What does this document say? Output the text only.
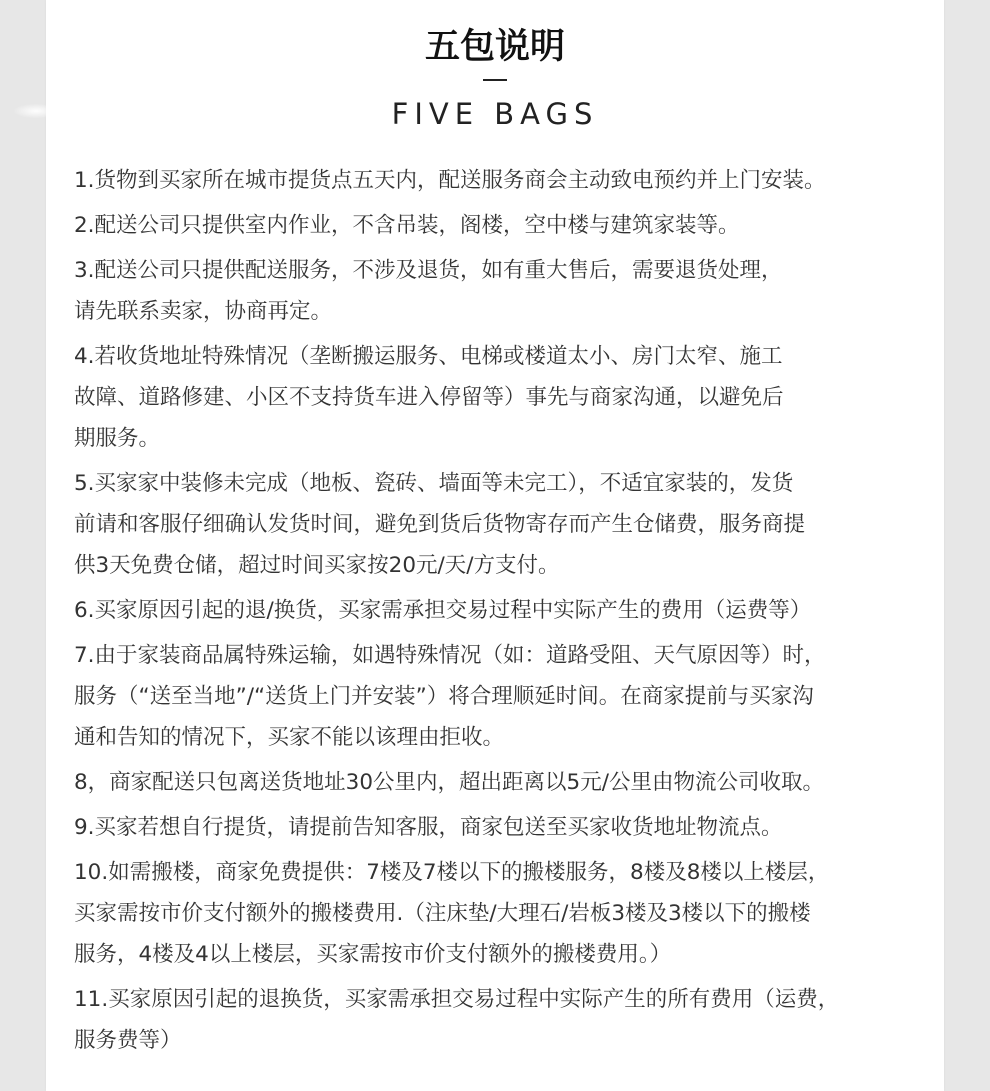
五包说明
FIVE BAGS
1.货物到买家所在城市提货点五天内，配送服务商会主动致电预约并上门安装。
2.配送公司只提供室内作业，不含吊装，阁楼，空中楼与建筑家装等。
3.配送公司只提供配送服务，不涉及退货，如有重大售后，需要退货处理，
请先联系卖家，协商再定。
4.若收货地址特殊情况（垄断搬运服务、电梯或楼道太小、房门太窄、施工
故障、道路修建、小区不支持货车进入停留等）事先与商家沟通，以避免后
期服务。
5.买家家中装修未完成（地板、瓷砖、墙面等未完工），不适宜家装的，发货
前请和客服仔细确认发货时间，避免到货后货物寄存而产生仓储费，服务商提
供3天免费仓储，超过时间买家按20元/天/方支付。
6.买家原因引起的退/换货，买家需承担交易过程中实际产生的费用（运费等）
7.由于家装商品属特殊运输，如遇特殊情况（如：道路受阻、天气原因等）时，
服务（“送至当地”/“送货上门并安装”）将合理顺延时间。在商家提前与买家沟
通和告知的情况下，买家不能以该理由拒收。
8，商家配送只包离送货地址30公里内，超出距离以5元/公里由物流公司收取。
9.买家若想自行提货，请提前告知客服，商家包送至买家收货地址物流点。
10.如需搬楼，商家免费提供：7楼及7楼以下的搬楼服务，8楼及8楼以上楼层，
买家需按市价支付额外的搬楼费用.（注床垫/大理石/岩板3楼及3楼以下的搬楼
服务，4楼及4以上楼层，买家需按市价支付额外的搬楼费用。）
11.买家原因引起的退换货，买家需承担交易过程中实际产生的所有费用（运费，
服务费等）
